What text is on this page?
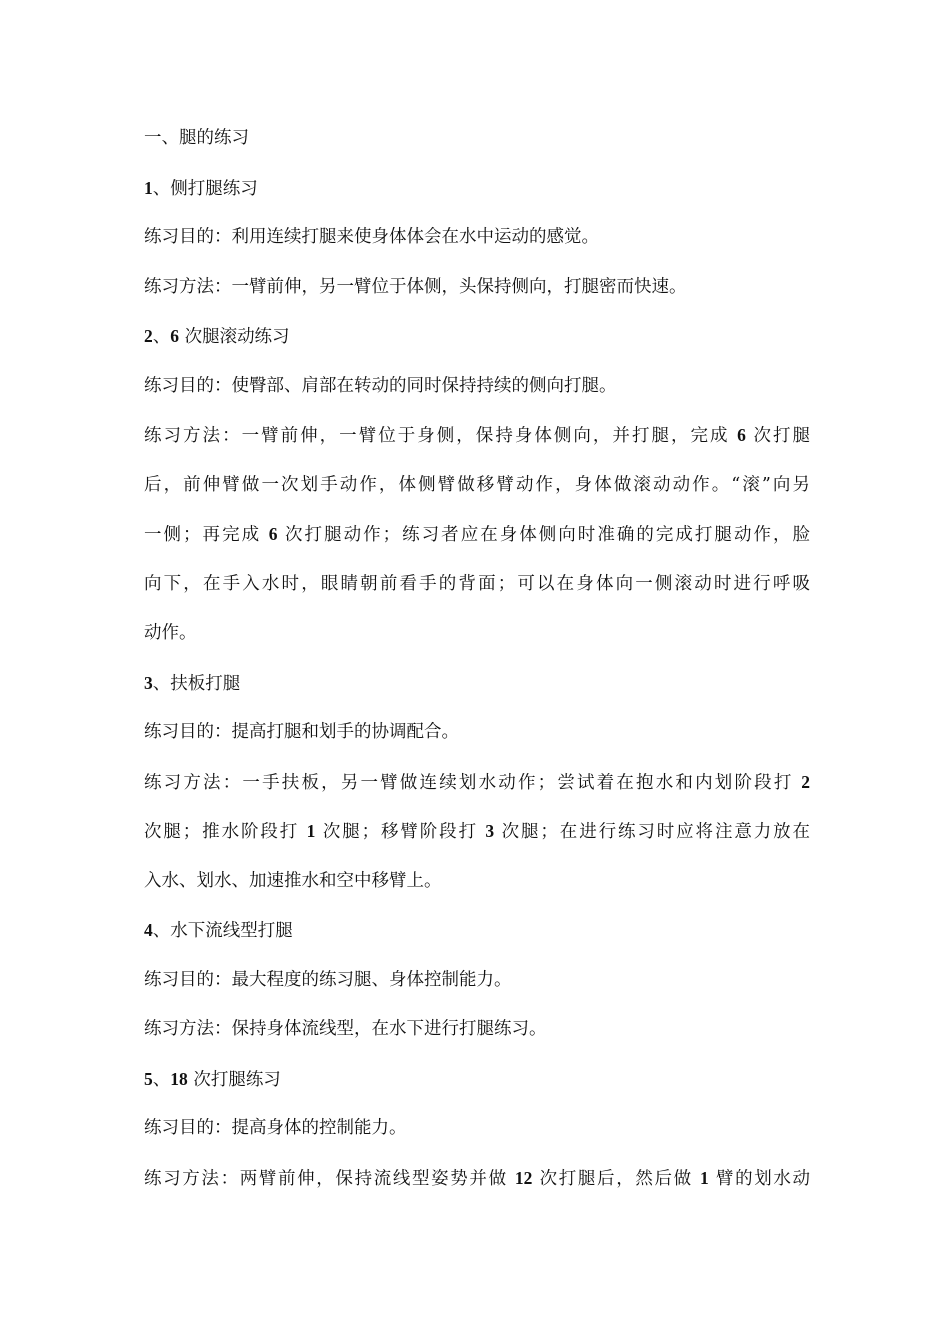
一、腿的练习
1、侧打腿练习
练习目的：利用连续打腿来使身体体会在水中运动的感觉。
练习方法：一臂前伸，另一臂位于体侧，头保持侧向，打腿密而快速。
2、6 次腿滚动练习
练习目的：使臀部、肩部在转动的同时保持持续的侧向打腿。
练习方法：一臂前伸，一臂位于身侧，保持身体侧向，并打腿，完成 6 次打腿
后，前伸臂做一次划手动作，体侧臂做移臂动作，身体做滚动动作。“滚”向另
一侧；再完成 6 次打腿动作；练习者应在身体侧向时准确的完成打腿动作，脸
向下，在手入水时，眼睛朝前看手的背面；可以在身体向一侧滚动时进行呼吸
动作。
3、扶板打腿
练习目的：提高打腿和划手的协调配合。
练习方法：一手扶板，另一臂做连续划水动作；尝试着在抱水和内划阶段打 2
次腿；推水阶段打 1 次腿；移臂阶段打 3 次腿；在进行练习时应将注意力放在
入水、划水、加速推水和空中移臂上。
4、水下流线型打腿
练习目的：最大程度的练习腿、身体控制能力。
练习方法：保持身体流线型，在水下进行打腿练习。
5、18 次打腿练习
练习目的：提高身体的控制能力。
练习方法：两臂前伸，保持流线型姿势并做 12 次打腿后，然后做 1 臂的划水动
